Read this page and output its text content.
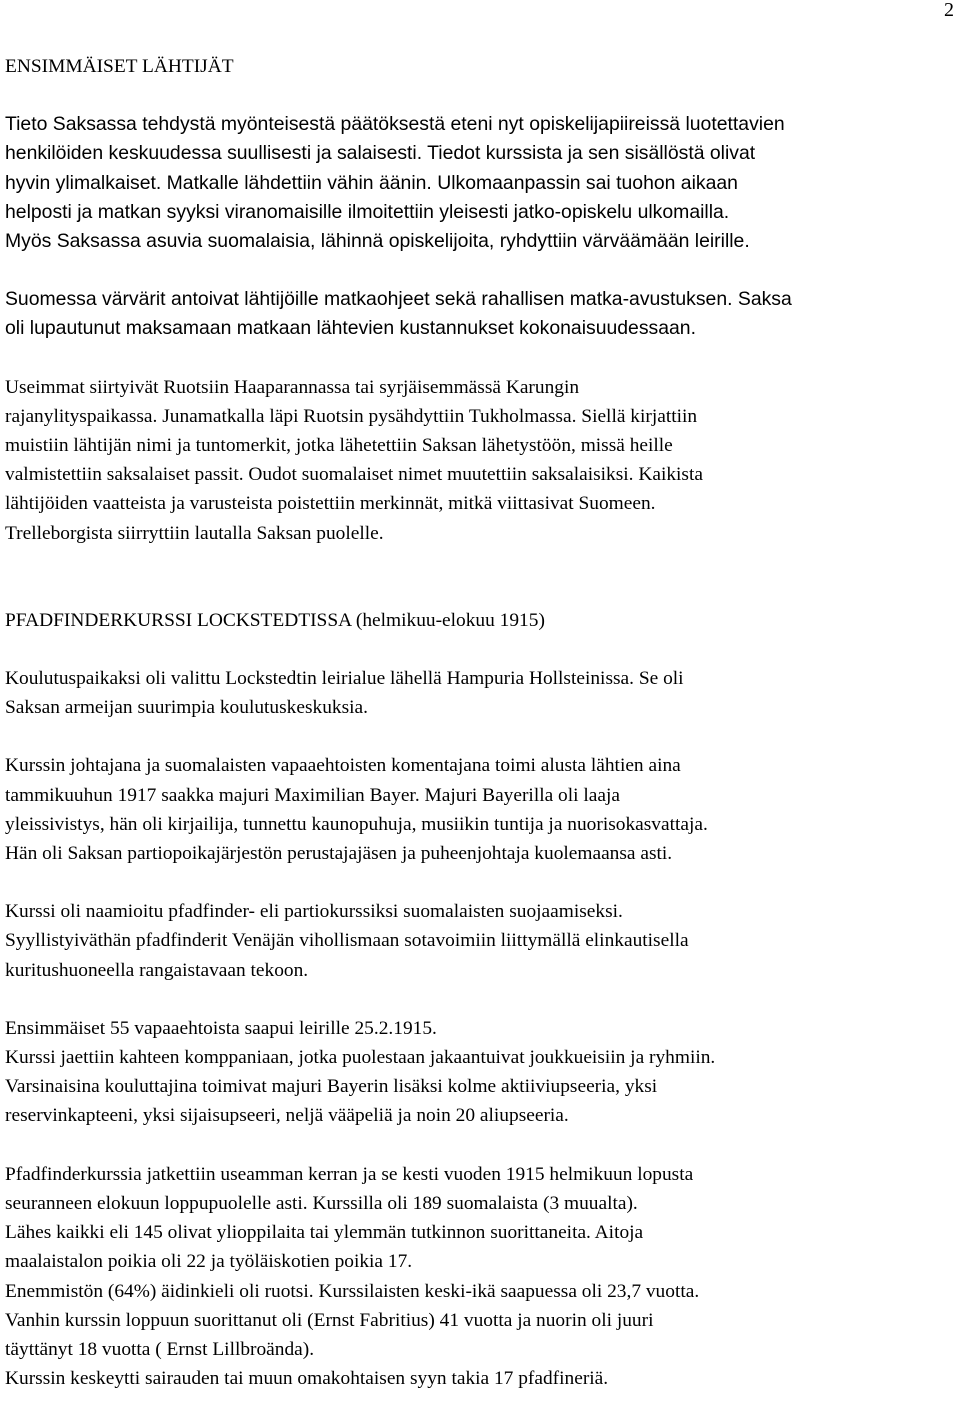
2
ENSIMMÄISET LÄHTIJÄT

Tieto Saksassa tehdystä myönteisestä päätöksestä eteni nyt opiskelijapiireissä luotettavien
henkilöiden keskuudessa suullisesti ja salaisesti. Tiedot kurssista ja sen sisällöstä olivat
hyvin ylimalkaiset. Matkalle lähdettiin vähin äänin. Ulkomaanpassin sai tuohon aikaan
helposti ja matkan syyksi viranomaisille ilmoitettiin yleisesti jatko-opiskelu ulkomailla.
Myös Saksassa asuvia suomalaisia, lähinnä opiskelijoita, ryhdyttiin värväämään leirille.

Suomessa värvärit antoivat lähtijöille matkaohjeet sekä rahallisen matka-avustuksen. Saksa
oli lupautunut maksamaan matkaan lähtevien kustannukset kokonaisuudessaan.

Useimmat siirtyivät Ruotsiin Haaparannassa tai syrjäisemmässä Karungin
rajanylityspaikassa. Junamatkalla läpi Ruotsin pysähdyttiin Tukholmassa. Siellä kirjattiin
muistiin lähtijän nimi ja tuntomerkit, jotka lähetettiin Saksan lähetystöön, missä heille
valmistettiin saksalaiset passit. Oudot suomalaiset nimet muutettiin saksalaisiksi. Kaikista
lähtijöiden vaatteista ja varusteista poistettiin merkinnät, mitkä viittasivat Suomeen.
Trelleborgista siirryttiin lautalla Saksan puolelle.

PFADFINDERKURSSI LOCKSTEDTISSA (helmikuu-elokuu 1915)

Koulutuspaikaksi oli valittu Lockstedtin leirialue lähellä Hampuria Hollsteinissa. Se oli
Saksan armeijan suurimpia koulutuskeskuksia.

Kurssin johtajana ja suomalaisten vapaaehtoisten komentajana toimi alusta lähtien aina
tammikuuhun 1917 saakka majuri Maximilian Bayer. Majuri Bayerilla oli laaja
yleissivistys, hän oli kirjailija, tunnettu kaunopuhuja, musiikin tuntija ja nuorisokasvattaja.
Hän oli Saksan partiopoikajärjestön perustajajäsen ja puheenjohtaja kuolemaansa asti.

Kurssi oli naamioitu pfadfinder- eli partiokurssiksi suomalaisten suojaamiseksi.
Syyllistyiväthän pfadfinderit Venäjän vihollismaan sotavoimiin liittymällä elinkautisella
kuritushuoneella rangaistavaan tekoon.

Ensimmäiset 55 vapaaehtoista saapui leirille 25.2.1915.
Kurssi jaettiin kahteen komppaniaan, jotka puolestaan jakaantuivat joukkueisiin ja ryhmiin.
Varsinaisina kouluttajina toimivat majuri Bayerin lisäksi kolme aktiiviupseeria, yksi
reservinkapteeni, yksi sijaisupseeri, neljä vääpeliä ja noin 20 aliupseeria.

Pfadfinderkurssia jatkettiin useamman kerran ja se kesti vuoden 1915 helmikuun lopusta
seuranneen elokuun loppupuolelle asti. Kurssilla oli 189 suomalaista (3 muualta).
Lähes kaikki eli 145 olivat ylioppilaita tai ylemmän tutkinnon suorittaneita. Aitoja
maalaistalon poikia oli 22 ja työläiskotien poikia 17.
Enemmistön (64%) äidinkieli oli ruotsi. Kurssilaisten keski-ikä saapuessa oli 23,7 vuotta.
Vanhin kurssin loppuun suorittanut oli (Ernst Fabritius) 41 vuotta ja nuorin oli juuri
täyttänyt 18 vuotta ( Ernst Lillbroända).
Kurssin keskeytti sairauden tai muun omakohtaisen syyn takia 17 pfadfineriä.
